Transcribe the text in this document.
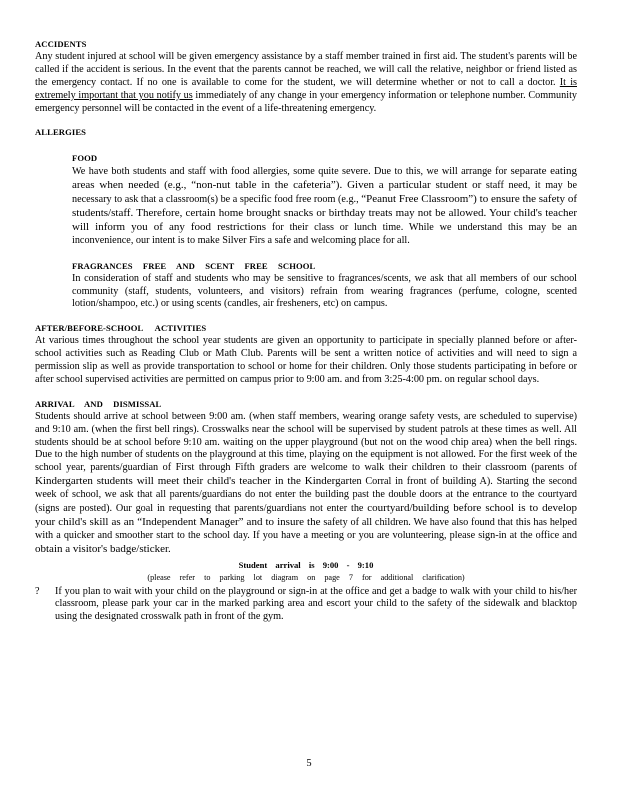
ACCIDENTS

Any student injured at school will be given emergency assistance by a staff member trained in first aid. The student's parents will be called if the accident is serious. In the event that the parents cannot be reached, we will call the relative, neighbor or friend listed as the emergency contact. If no one is available to come for the student, we will determine whether or not to call a doctor. It is extremely important that you notify us immediately of any change in your emergency information or telephone number. Community emergency personnel will be contacted in the event of a life-threatening emergency.

ALLERGIES

FOOD

We have both students and staff with food allergies, some quite severe. Due to this, we will arrange for separate eating areas when needed (e.g., “non-nut table in the cafeteria”). Given a particular student or staff need, it may be necessary to ask that a classroom(s) be a specific food free room (e.g., “Peanut Free Classroom”) to ensure the safety of students/staff. Therefore, certain home brought snacks or birthday treats may not be allowed. Your child's teacher will inform you of any food restrictions for their class or lunch time. While we understand this may be an inconvenience, our intent is to make Silver Firs a safe and welcoming place for all.

FRAGRANCES FREE AND SCENT FREE SCHOOL

In consideration of staff and students who may be sensitive to fragrances/scents, we ask that all members of our school community (staff, students, volunteers, and visitors) refrain from wearing fragrances (perfume, cologne, scented lotion/shampoo, etc.) or using scents (candles, air fresheners, etc) on campus.

AFTER/BEFORE-SCHOOL ACTIVITIES

At various times throughout the school year students are given an opportunity to participate in specially planned before or after-school activities such as Reading Club or Math Club. Parents will be sent a written notice of activities and will need to sign a permission slip as well as provide transportation to school or home for their children. Only those students participating in before or after school supervised activities are permitted on campus prior to 9:00 am. and from 3:25-4:00 pm. on regular school days.

ARRIVAL AND DISMISSAL

Students should arrive at school between 9:00 am. (when staff members, wearing orange safety vests, are scheduled to supervise) and 9:10 am. (when the first bell rings). Crosswalks near the school will be supervised by student patrols at these times as well. All students should be at school before 9:10 am. waiting on the upper playground (but not on the wood chip area) when the bell rings. Due to the high number of students on the playground at this time, playing on the equipment is not allowed. For the first week of the school year, parents/guardian of First through Fifth graders are welcome to walk their children to their classroom (parents of Kindergarten students will meet their child's teacher in the Kindergarten Corral in front of building A). Starting the second week of school, we ask that all parents/guardians do not enter the building past the double doors at the entrance to the courtyard (signs are posted). Our goal in requesting that parents/guardians not enter the courtyard/building before school is to develop your child's skill as an “Independent Manager” and to insure the safety of all children. We have also found that this has helped with a quicker and smoother start to the school day. If you have a meeting or you are volunteering, please sign-in at the office and obtain a visitor's badge/sticker.

Student arrival is 9:00 - 9:10

(please refer to parking lot diagram on page 7 for additional clarification)

?	If you plan to wait with your child on the playground or sign-in at the office and get a badge to walk with your child to his/her classroom, please park your car in the marked parking area and escort your child to the safety of the sidewalk and blacktop using the designated crosswalk path in front of the gym.
5
